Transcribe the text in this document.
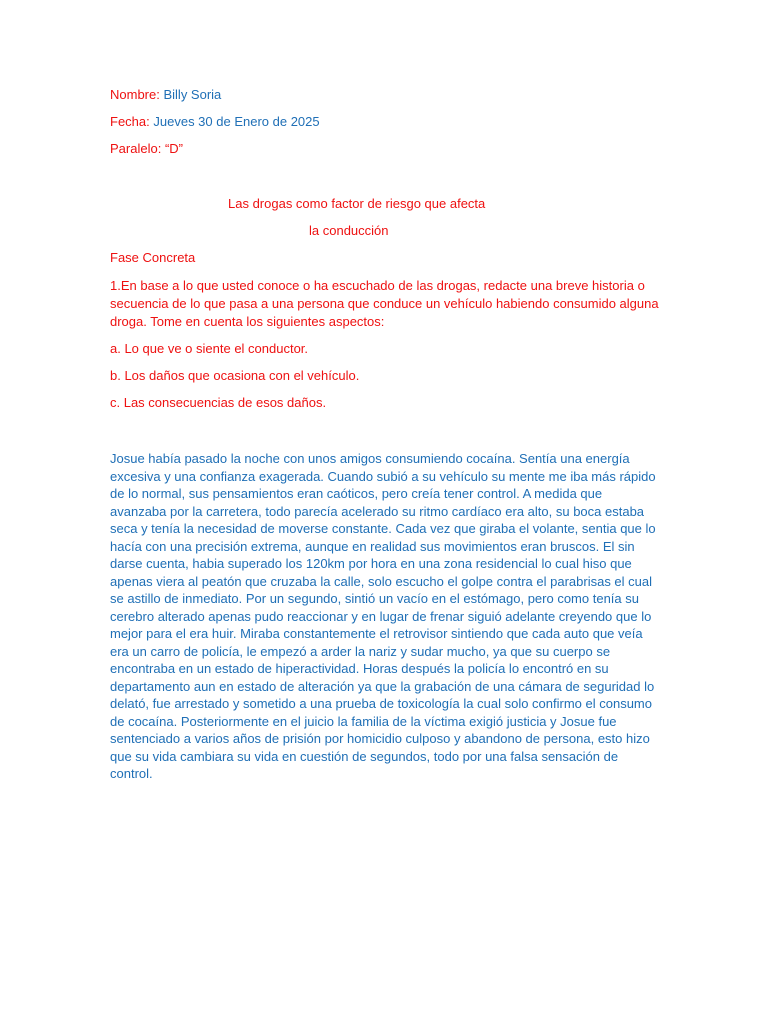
Nombre: Billy Soria
Fecha: Jueves 30 de Enero de 2025
Paralelo: “D”
Las drogas como factor de riesgo que afecta
la conducción
Fase Concreta

1.En base a lo que usted conoce o ha escuchado de las drogas, redacte una breve historia o secuencia de lo que pasa a una persona que conduce un vehículo habiendo consumido alguna droga. Tome en cuenta los siguientes aspectos:

a. Lo que ve o siente el conductor.
b. Los daños que ocasiona con el vehículo.
c. Las consecuencias de esos daños.

Josue había pasado la noche con unos amigos consumiendo cocaína. Sentía una energía excesiva y una confianza exagerada. Cuando subió a su vehículo su mente me iba más rápido de lo normal, sus pensamientos eran caóticos, pero creía tener control. A medida que avanzaba por la carretera, todo parecía acelerado su ritmo cardíaco era alto, su boca estaba seca y tenía la necesidad de moverse constante. Cada vez que giraba el volante, sentia que lo hacía con una precisión extrema, aunque en realidad sus movimientos eran bruscos. El sin darse cuenta, habia superado los 120km por hora en una zona residencial lo cual hiso que apenas viera al peatón que cruzaba la calle, solo escucho el golpe contra el parabrisas el cual se astillo de inmediato. Por un segundo, sintió un vacío en el estómago, pero como tenía su cerebro alterado apenas pudo reaccionar y en lugar de frenar siguió adelante creyendo que lo mejor para el era huir. Miraba constantemente el retrovisor sintiendo que cada auto que veía era un carro de policía, le empezó a arder la nariz y sudar mucho, ya que su cuerpo se encontraba en un estado de hiperactividad. Horas después la policía lo encontró en su departamento aun en estado de alteración ya que la grabación de una cámara de seguridad lo delató, fue arrestado y sometido a una prueba de toxicología la cual solo confirmo el consumo de cocaína. Posteriormente en el juicio la familia de la víctima exigió justicia y Josue fue sentenciado a varios años de prisión por homicidio culposo y abandono de persona, esto hizo que su vida cambiara su vida en cuestión de segundos, todo por una falsa sensación de control.
